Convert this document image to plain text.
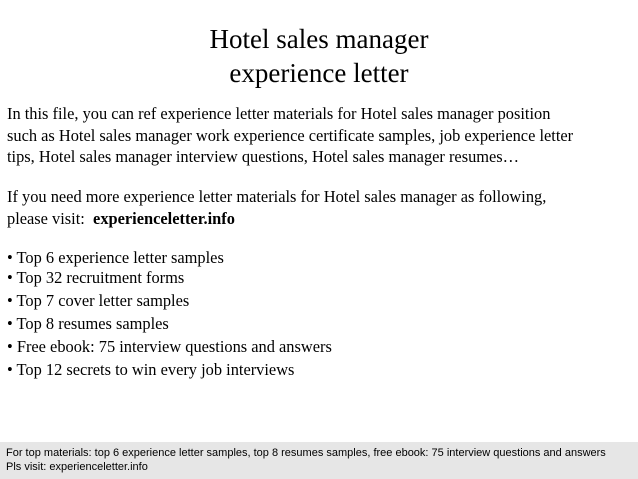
Hotel sales manager
experience letter
In this file, you can ref experience letter materials for Hotel sales manager position
such as Hotel sales manager work experience certificate samples, job experience letter
tips, Hotel sales manager interview questions, Hotel sales manager resumes…
If you need more experience letter materials for Hotel sales manager as following,
please visit: experienceletter.info
• Top 6 experience letter samples
• Top 32 recruitment forms
• Top 7 cover letter samples
• Top 8 resumes samples
• Free ebook: 75 interview questions and answers
• Top 12 secrets to win every job interviews
For top materials: top 6 experience letter samples, top 8 resumes samples, free ebook: 75 interview questions and answers
Pls visit: experienceletter.info
